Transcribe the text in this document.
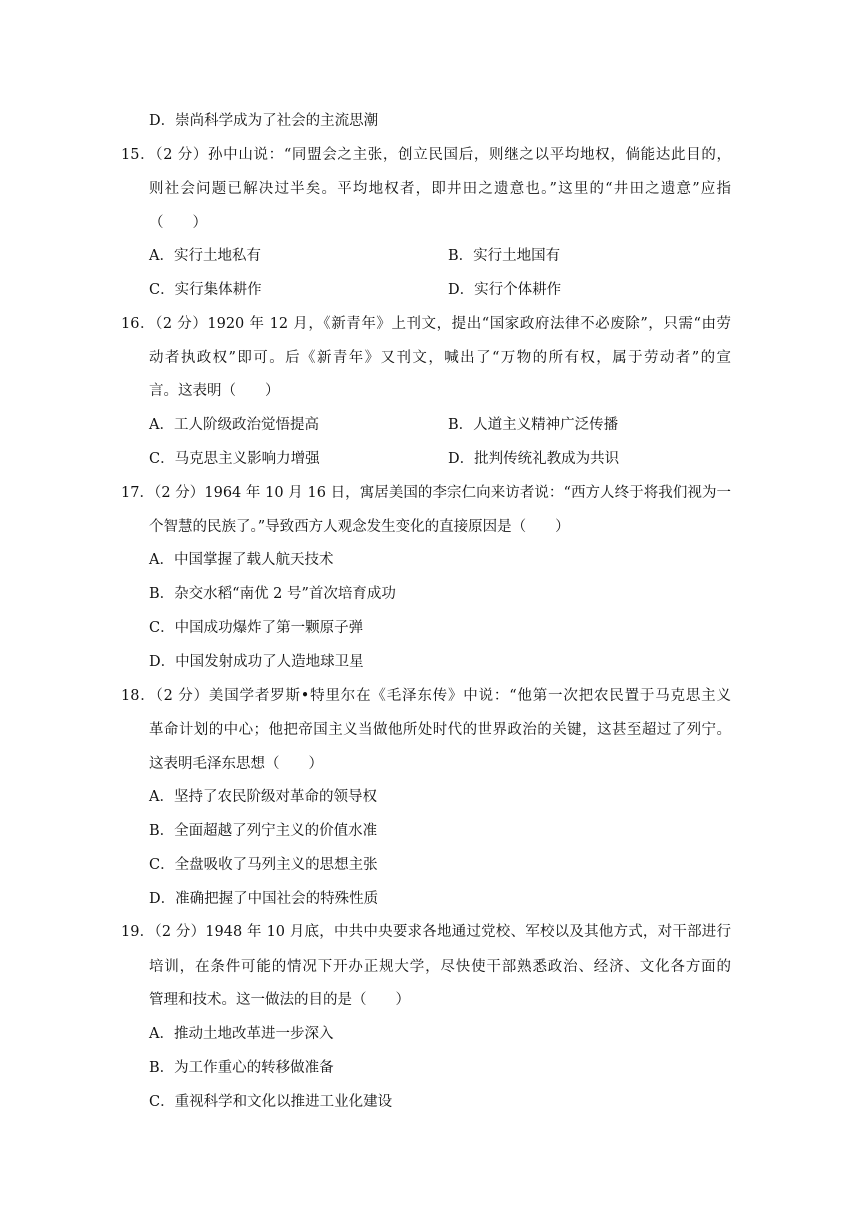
D．崇尚科学成为了社会的主流思潮
15．（2 分）孙中山说：“同盟会之主张，创立民国后，则继之以平均地权，倘能达此目的，
则社会问题已解决过半矣。平均地权者，即井田之遗意也。”这里的“井田之遗意”应指
（　　）
A．实行土地私有	B．实行土地国有
C．实行集体耕作	D．实行个体耕作
16．（2 分）1920 年 12 月，《新青年》上刊文，提出“国家政府法律不必废除”，只需“由劳
动者执政权”即可。后《新青年》又刊文，喊出了“万物的所有权，属于劳动者”的宣
言。这表明（　　）
A．工人阶级政治觉悟提高	B．人道主义精神广泛传播
C．马克思主义影响力增强	D．批判传统礼教成为共识
17．（2 分）1964 年 10 月 16 日，寓居美国的李宗仁向来访者说：“西方人终于将我们视为一
个智慧的民族了。”导致西方人观念发生变化的直接原因是（　　）
A．中国掌握了载人航天技术
B．杂交水稻“南优 2 号”首次培育成功
C．中国成功爆炸了第一颗原子弹
D．中国发射成功了人造地球卫星
18．（2 分）美国学者罗斯•特里尔在《毛泽东传》中说：“他第一次把农民置于马克思主义
革命计划的中心；他把帝国主义当做他所处时代的世界政治的关键，这甚至超过了列宁。
这表明毛泽东思想（　　）
A．坚持了农民阶级对革命的领导权
B．全面超越了列宁主义的价值水准
C．全盘吸收了马列主义的思想主张
D．准确把握了中国社会的特殊性质
19．（2 分）1948 年 10 月底，中共中央要求各地通过党校、军校以及其他方式，对干部进行
培训，在条件可能的情况下开办正规大学，尽快使干部熟悉政治、经济、文化各方面的
管理和技术。这一做法的目的是（　　）
A．推动土地改革进一步深入
B．为工作重心的转移做准备
C．重视科学和文化以推进工业化建设
